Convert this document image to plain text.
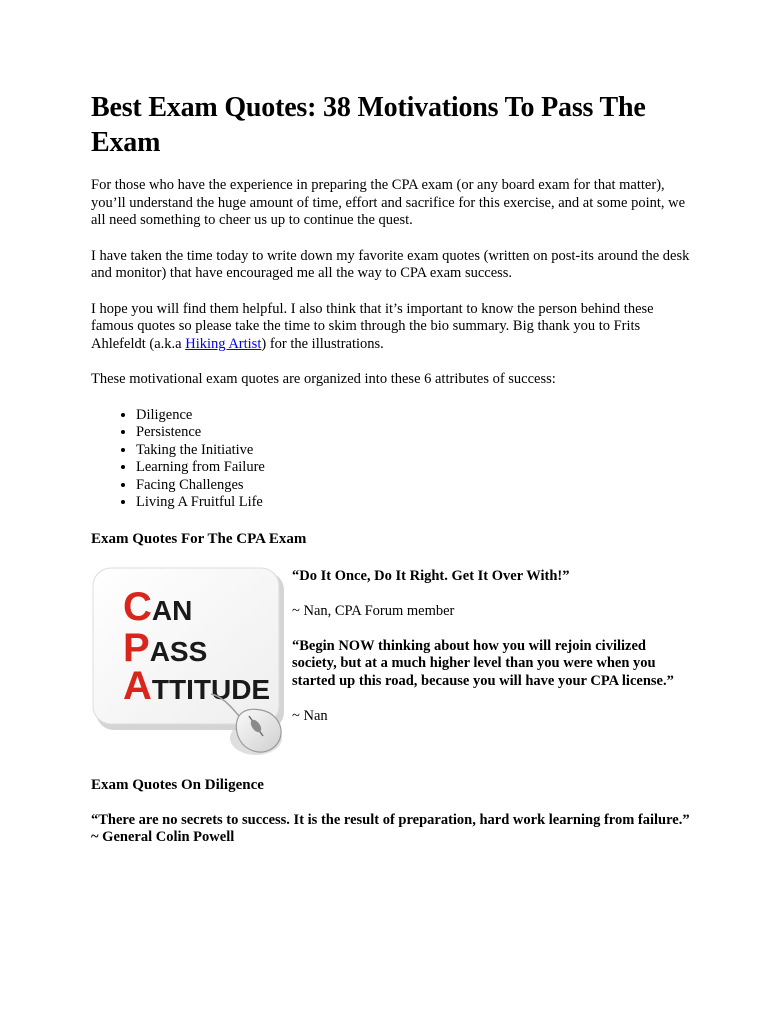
Best Exam Quotes: 38 Motivations To Pass The Exam

For those who have the experience in preparing the CPA exam (or any board exam for that matter), you’ll understand the huge amount of time, effort and sacrifice for this exercise, and at some point, we all need something to cheer us up to continue the quest.

I have taken the time today to write down my favorite exam quotes (written on post-its around the desk and monitor) that have encouraged me all the way to CPA exam success.

I hope you will find them helpful. I also think that it’s important to know the person behind these famous quotes so please take the time to skim through the bio summary. Big thank you to Frits Ahlefeldt (a.k.a Hiking Artist) for the illustrations.

These motivational exam quotes are organized into these 6 attributes of success:

• Diligence
• Persistence
• Taking the Initiative
• Learning from Failure
• Facing Challenges
• Living A Fruitful Life
Exam Quotes For The CPA Exam
CAN
PASS
ATTITUDE

“Do It Once, Do It Right. Get It Over With!”

~ Nan, CPA Forum member

“Begin NOW thinking about how you will rejoin civilized society, but at a much higher level than you were when you started up this road, because you will have your CPA license.”

~ Nan

Exam Quotes On Diligence

“There are no secrets to success. It is the result of preparation, hard work learning from failure.” ~ General Colin Powell
